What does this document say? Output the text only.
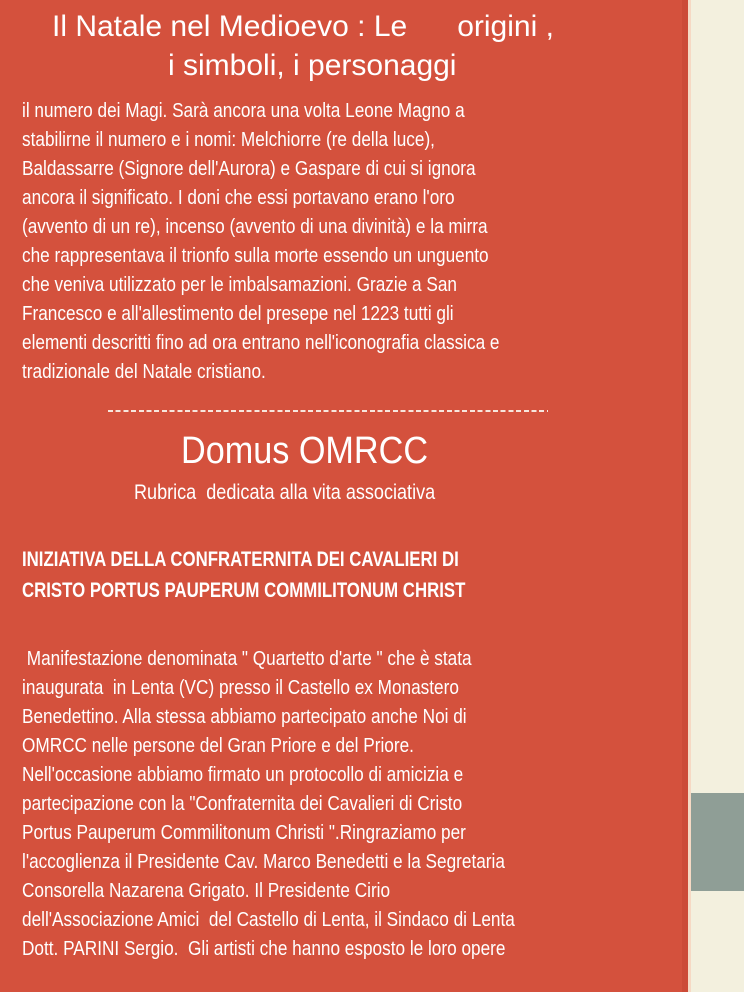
Il Natale nel Medioevo : Le      origini ,
i simboli, i personaggi
il numero dei Magi. Sarà ancora una volta Leone Magno a
stabilirne il numero e i nomi: Melchiorre (re della luce),
Baldassarre (Signore dell'Aurora) e Gaspare di cui si ignora
ancora il significato. I doni che essi portavano erano l'oro
(avvento di un re), incenso (avvento di una divinità) e la mirra
che rappresentava il trionfo sulla morte essendo un unguento
che veniva utilizzato per le imbalsamazioni. Grazie a San
Francesco e all'allestimento del presepe nel 1223 tutti gli
elementi descritti fino ad ora entrano nell'iconografia classica e
tradizionale del Natale cristiano.
Domus OMRCC
Rubrica  dedicata alla vita associativa
INIZIATIVA DELLA CONFRATERNITA DEI CAVALIERI DI
CRISTO PORTUS PAUPERUM COMMILITONUM CHRIST
Manifestazione denominata " Quartetto d'arte " che è stata
inaugurata  in Lenta (VC) presso il Castello ex Monastero
Benedettino. Alla stessa abbiamo partecipato anche Noi di
OMRCC nelle persone del Gran Priore e del Priore.
Nell'occasione abbiamo firmato un protocollo di amicizia e
partecipazione con la "Confraternita dei Cavalieri di Cristo
Portus Pauperum Commilitonum Christi ".Ringraziamo per
l'accoglienza il Presidente Cav. Marco Benedetti e la Segretaria
Consorella Nazarena Grigato. Il Presidente Cirio
dell'Associazione Amici  del Castello di Lenta, il Sindaco di Lenta
Dott. PARINI Sergio.  Gli artisti che hanno esposto le loro opere
